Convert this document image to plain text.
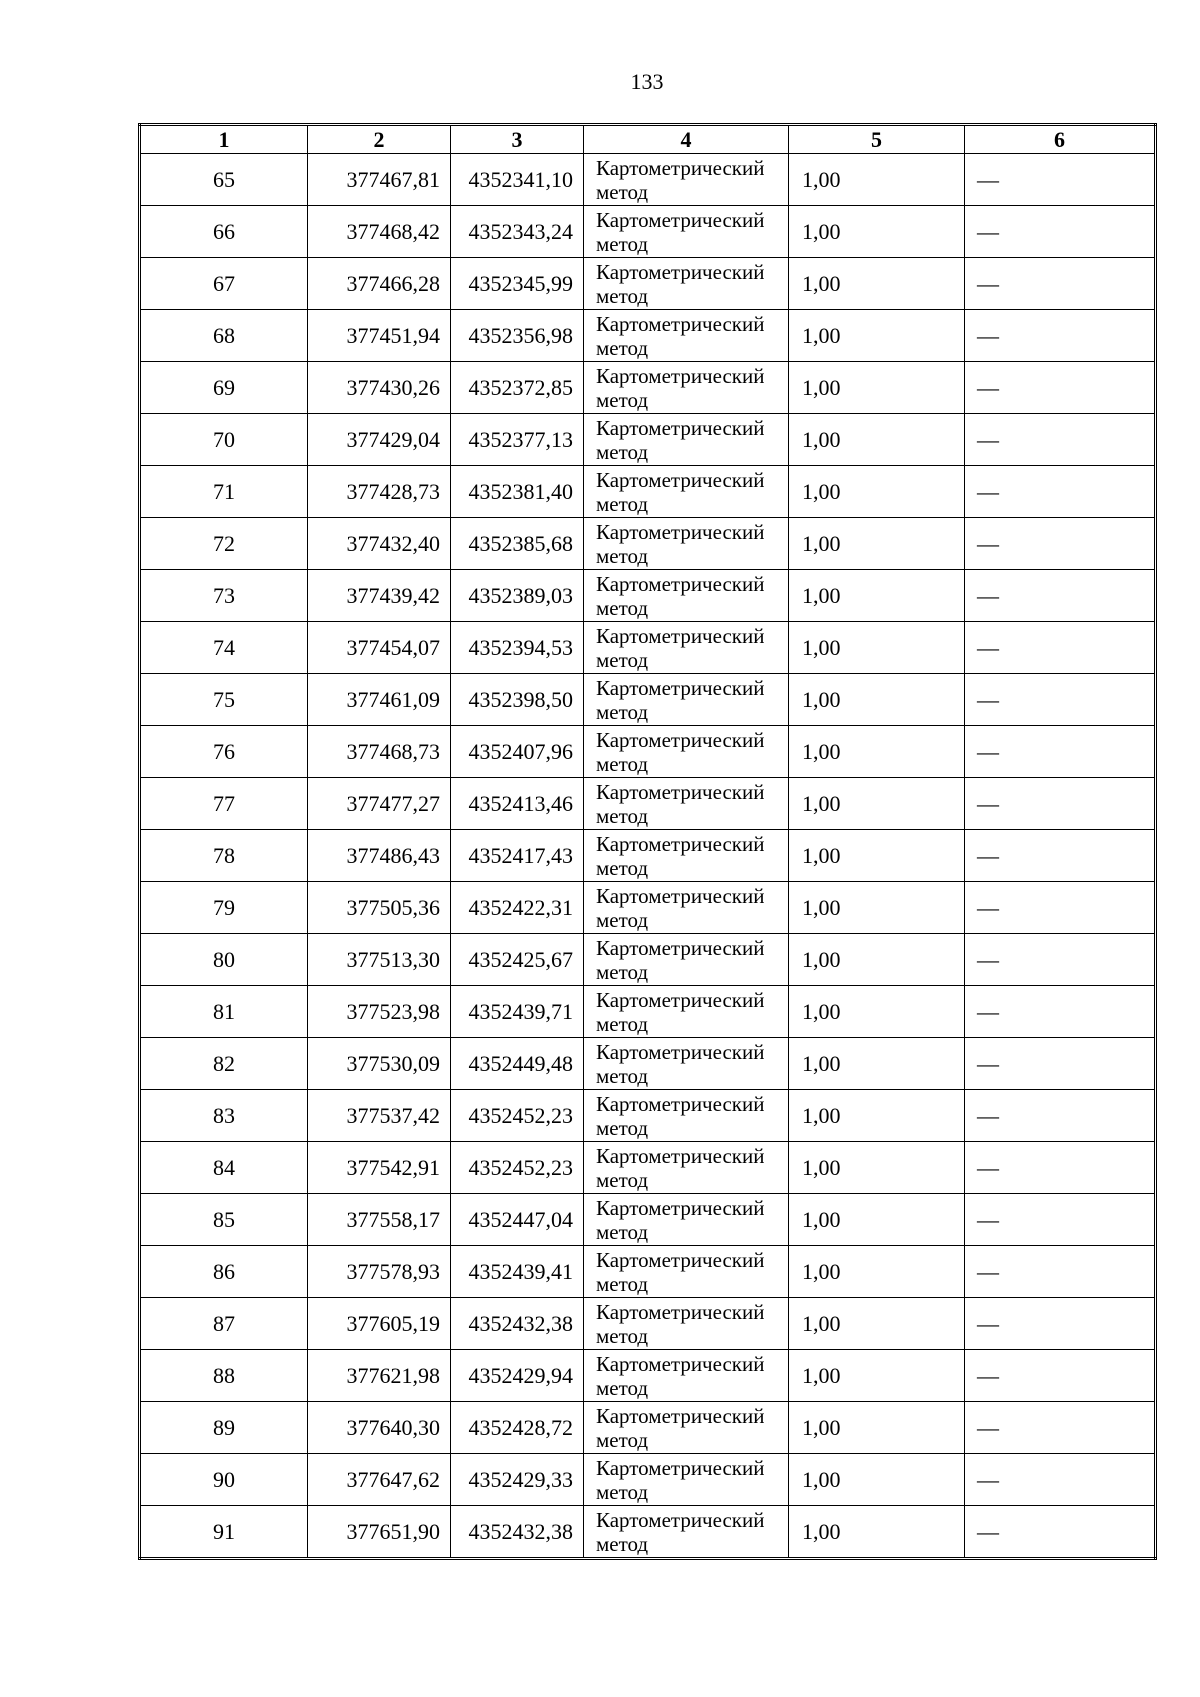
133
1	2	3	4	5	6
65	377467,81	4352341,10	Картометрический метод	1,00	—
66	377468,42	4352343,24	Картометрический метод	1,00	—
67	377466,28	4352345,99	Картометрический метод	1,00	—
68	377451,94	4352356,98	Картометрический метод	1,00	—
69	377430,26	4352372,85	Картометрический метод	1,00	—
70	377429,04	4352377,13	Картометрический метод	1,00	—
71	377428,73	4352381,40	Картометрический метод	1,00	—
72	377432,40	4352385,68	Картометрический метод	1,00	—
73	377439,42	4352389,03	Картометрический метод	1,00	—
74	377454,07	4352394,53	Картометрический метод	1,00	—
75	377461,09	4352398,50	Картометрический метод	1,00	—
76	377468,73	4352407,96	Картометрический метод	1,00	—
77	377477,27	4352413,46	Картометрический метод	1,00	—
78	377486,43	4352417,43	Картометрический метод	1,00	—
79	377505,36	4352422,31	Картометрический метод	1,00	—
80	377513,30	4352425,67	Картометрический метод	1,00	—
81	377523,98	4352439,71	Картометрический метод	1,00	—
82	377530,09	4352449,48	Картометрический метод	1,00	—
83	377537,42	4352452,23	Картометрический метод	1,00	—
84	377542,91	4352452,23	Картометрический метод	1,00	—
85	377558,17	4352447,04	Картометрический метод	1,00	—
86	377578,93	4352439,41	Картометрический метод	1,00	—
87	377605,19	4352432,38	Картометрический метод	1,00	—
88	377621,98	4352429,94	Картометрический метод	1,00	—
89	377640,30	4352428,72	Картометрический метод	1,00	—
90	377647,62	4352429,33	Картометрический метод	1,00	—
91	377651,90	4352432,38	Картометрический метод	1,00	—
